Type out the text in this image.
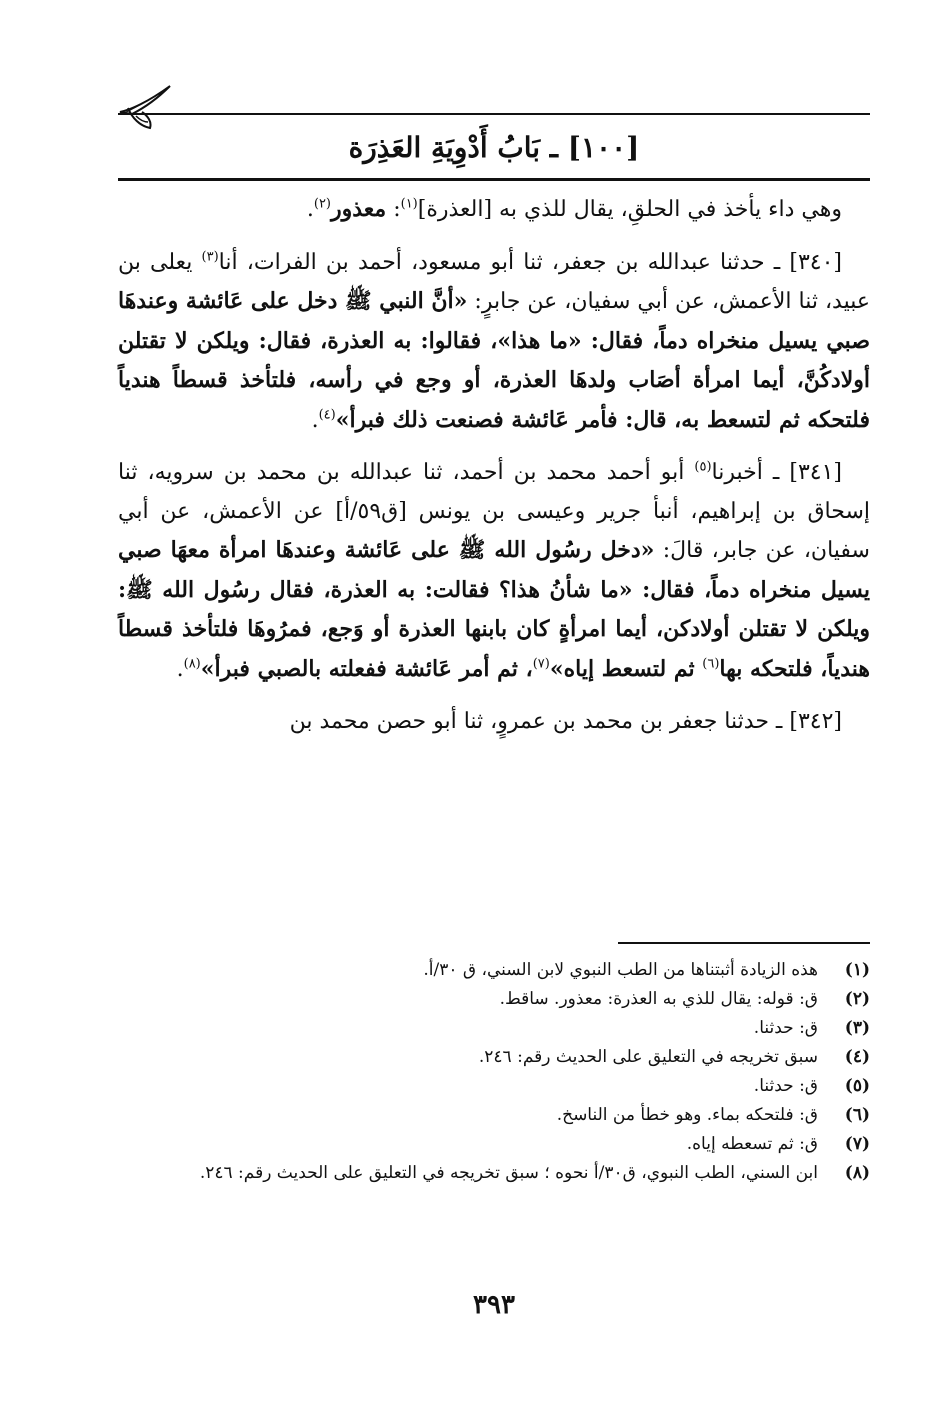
[١٠٠] ـ بَابُ أَدْوِيَةِ العَذِرَة

وهي داء يأخذ في الحلقِ، يقال للذي به [العذرة]$^{(١)}$: معذور$^{(٢)}$.

[٣٤٠] ـ حدثنا عبدالله بن جعفر، ثنا أبو مسعود، أحمد بن الفرات، أنا$^{(٣)}$ يعلى بن عبيد، ثنا الأعمش، عن أبي سفيان، عن جابرٍ: «أنَّ النبي ﷺ دخل على عَائشة وعندهَا صبي يسيل منخراه دماً، فقال: «ما هذا»، فقالوا: به العذرة، فقال: ويلكن لا تقتلن أولادكُنَّ، أيما امرأة أصَاب ولدهَا العذرة، أو وجع في رأسه، فلتأخذ قسطاً هندياً فلتحكه ثم لتسعط به، قال: فأمر عَائشة فصنعت ذلك فبرأ»$^{(٤)}$.

[٣٤١] ـ أخبرنا$^{(٥)}$ أبو أحمد محمد بن أحمد، ثنا عبدالله بن محمد بن سرويه، ثنا إسحاق بن إبراهيم، أنبأ جرير وعيسى بن يونس [ق٥٩/أ] عن الأعمش، عن أبي سفيان، عن جابر، قالَ: «دخل رسُول الله ﷺ على عَائشة وعندهَا امرأة معهَا صبي يسيل منخراه دماً، فقال: «ما شأنُ هذا؟ فقالت: به العذرة، فقال رسُول الله ﷺ: ويلكن لا تقتلن أولادكن، أيما امرأةٍ كان بابنها العذرة أو وَجع، فمرُوهَا فلتأخذ قسطاً هندياً، فلتحكه بها$^{(٦)}$ ثم لتسعط إياه»$^{(٧)}$، ثم أمر عَائشة ففعلته بالصبي فبرأ»$^{(٨)}$.

[٣٤٢] ـ حدثنا جعفر بن محمد بن عمروٍ، ثنا أبو حصن محمد بن

(١)
هذه الزيادة أثبتناها من الطب النبوي لابن السني، ق ٣٠/أ.
(٢)
ق: قوله: يقال للذي به العذرة: معذور. ساقط.
(٣)
ق: حدثنا.
(٤)
سبق تخريجه في التعليق على الحديث رقم: ٢٤٦.
(٥)
ق: حدثنا.
(٦)
ق: فلتحكه بماء. وهو خطأ من الناسخ.
(٧)
ق: ثم تسعطه إياه.
(٨)
ابن السني، الطب النبوي، ق٣٠/أ نحوه ؛ سبق تخريجه في التعليق على الحديث رقم: ٢٤٦.
٣٩٣
